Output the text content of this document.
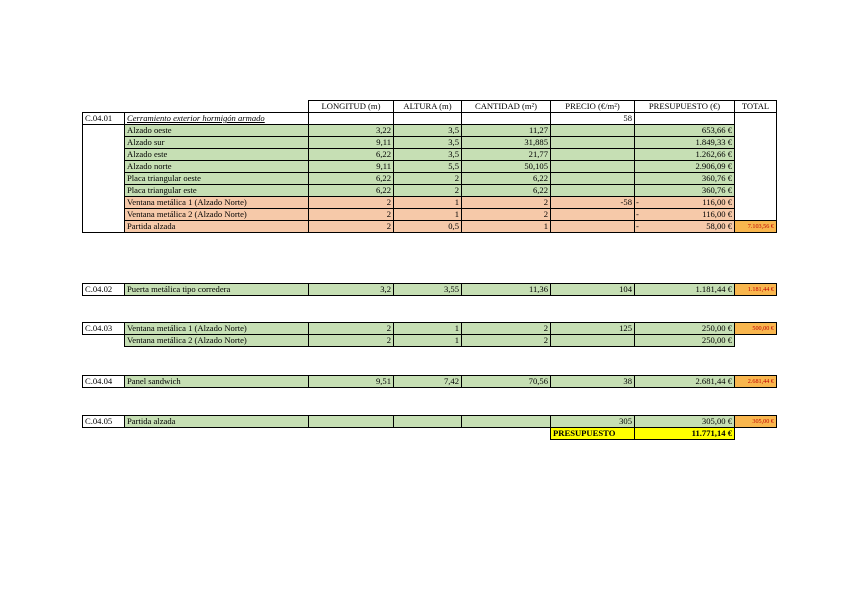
		LONGITUD (m)	ALTURA (m)	CANTIDAD (m²)	PRECIO (€/m²)	PRESUPUESTO (€)	TOTAL
C.04.01	Cerramiento exterior hormigón armado				58		
	Alzado oeste	3,22	3,5	11,27		653,66 €	
	Alzado sur	9,11	3,5	31,885		1.849,33 €	
	Alzado este	6,22	3,5	21,77		1.262,66 €	
	Alzado norte	9,11	5,5	50,105		2.906,09 €	
	Placa triangular oeste	6,22	2	6,22		360,76 €	
	Placa triangular este	6,22	2	6,22		360,76 €	
	Ventana metálica 1 (Alzado Norte)	2	1	2	-58	- 116,00 €	
	Ventana metálica 2 (Alzado Norte)	2	1	2		- 116,00 €	
	Partida alzada	2	0,5	1		- 58,00 €	7.103,56 €
C.04.02	Puerta metálica tipo corredera	3,2	3,55	11,36	104	1.181,44 €	1.181,44 €
C.04.03	Ventana metálica 1 (Alzado Norte)	2	1	2	125	250,00 €	500,00 €
	Ventana metálica 2 (Alzado Norte)	2	1	2		250,00 €	
C.04.04	Panel sandwich	9,51	7,42	70,56	38	2.681,44 €	2.681,44 €
C.04.05	Partida alzada				305	305,00 €	305,00 €
					PRESUPUESTO	11.771,14 €	
